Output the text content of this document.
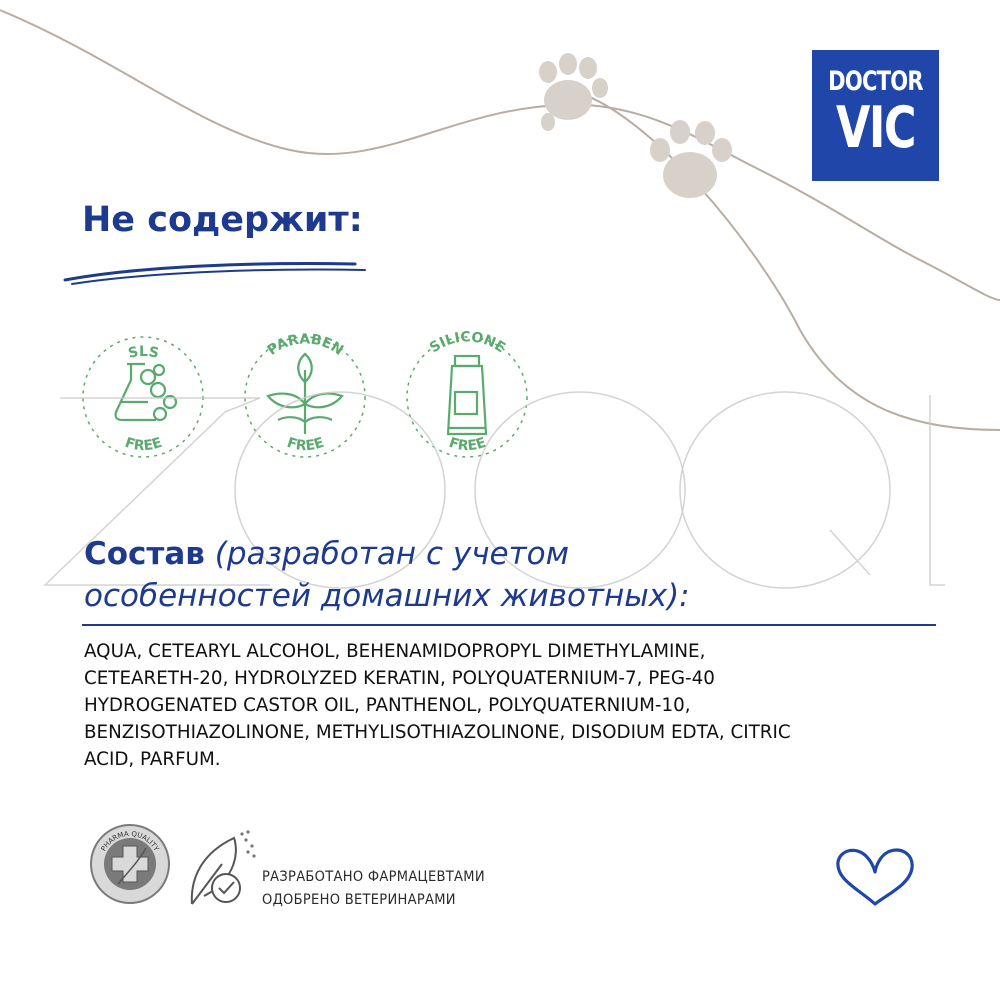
DOCTOR
VIC
Не содержит:
SLS
FREE
PARABEN
FREE
SILICONE
FREE
zooqi
Состав (разработан с учетом
особенностей домашних животных):
AQUA, CETEARYL ALCOHOL, BEHENAMIDOPROPYL DIMETHYLAMINE,
CETEARETH-20, HYDROLYZED KERATIN, POLYQUATERNIUM-7, PEG-40
HYDROGENATED CASTOR OIL, PANTHENOL, POLYQUATERNIUM-10,
BENZISOTHIAZOLINONE, METHYLISOTHIAZOLINONE, DISODIUM EDTA, CITRIC
ACID, PARFUM.
PHARMA QUALITY
РАЗРАБОТАНО ФАРМАЦЕВТАМИ
ОДОБРЕНО ВЕТЕРИНАРАМИ
